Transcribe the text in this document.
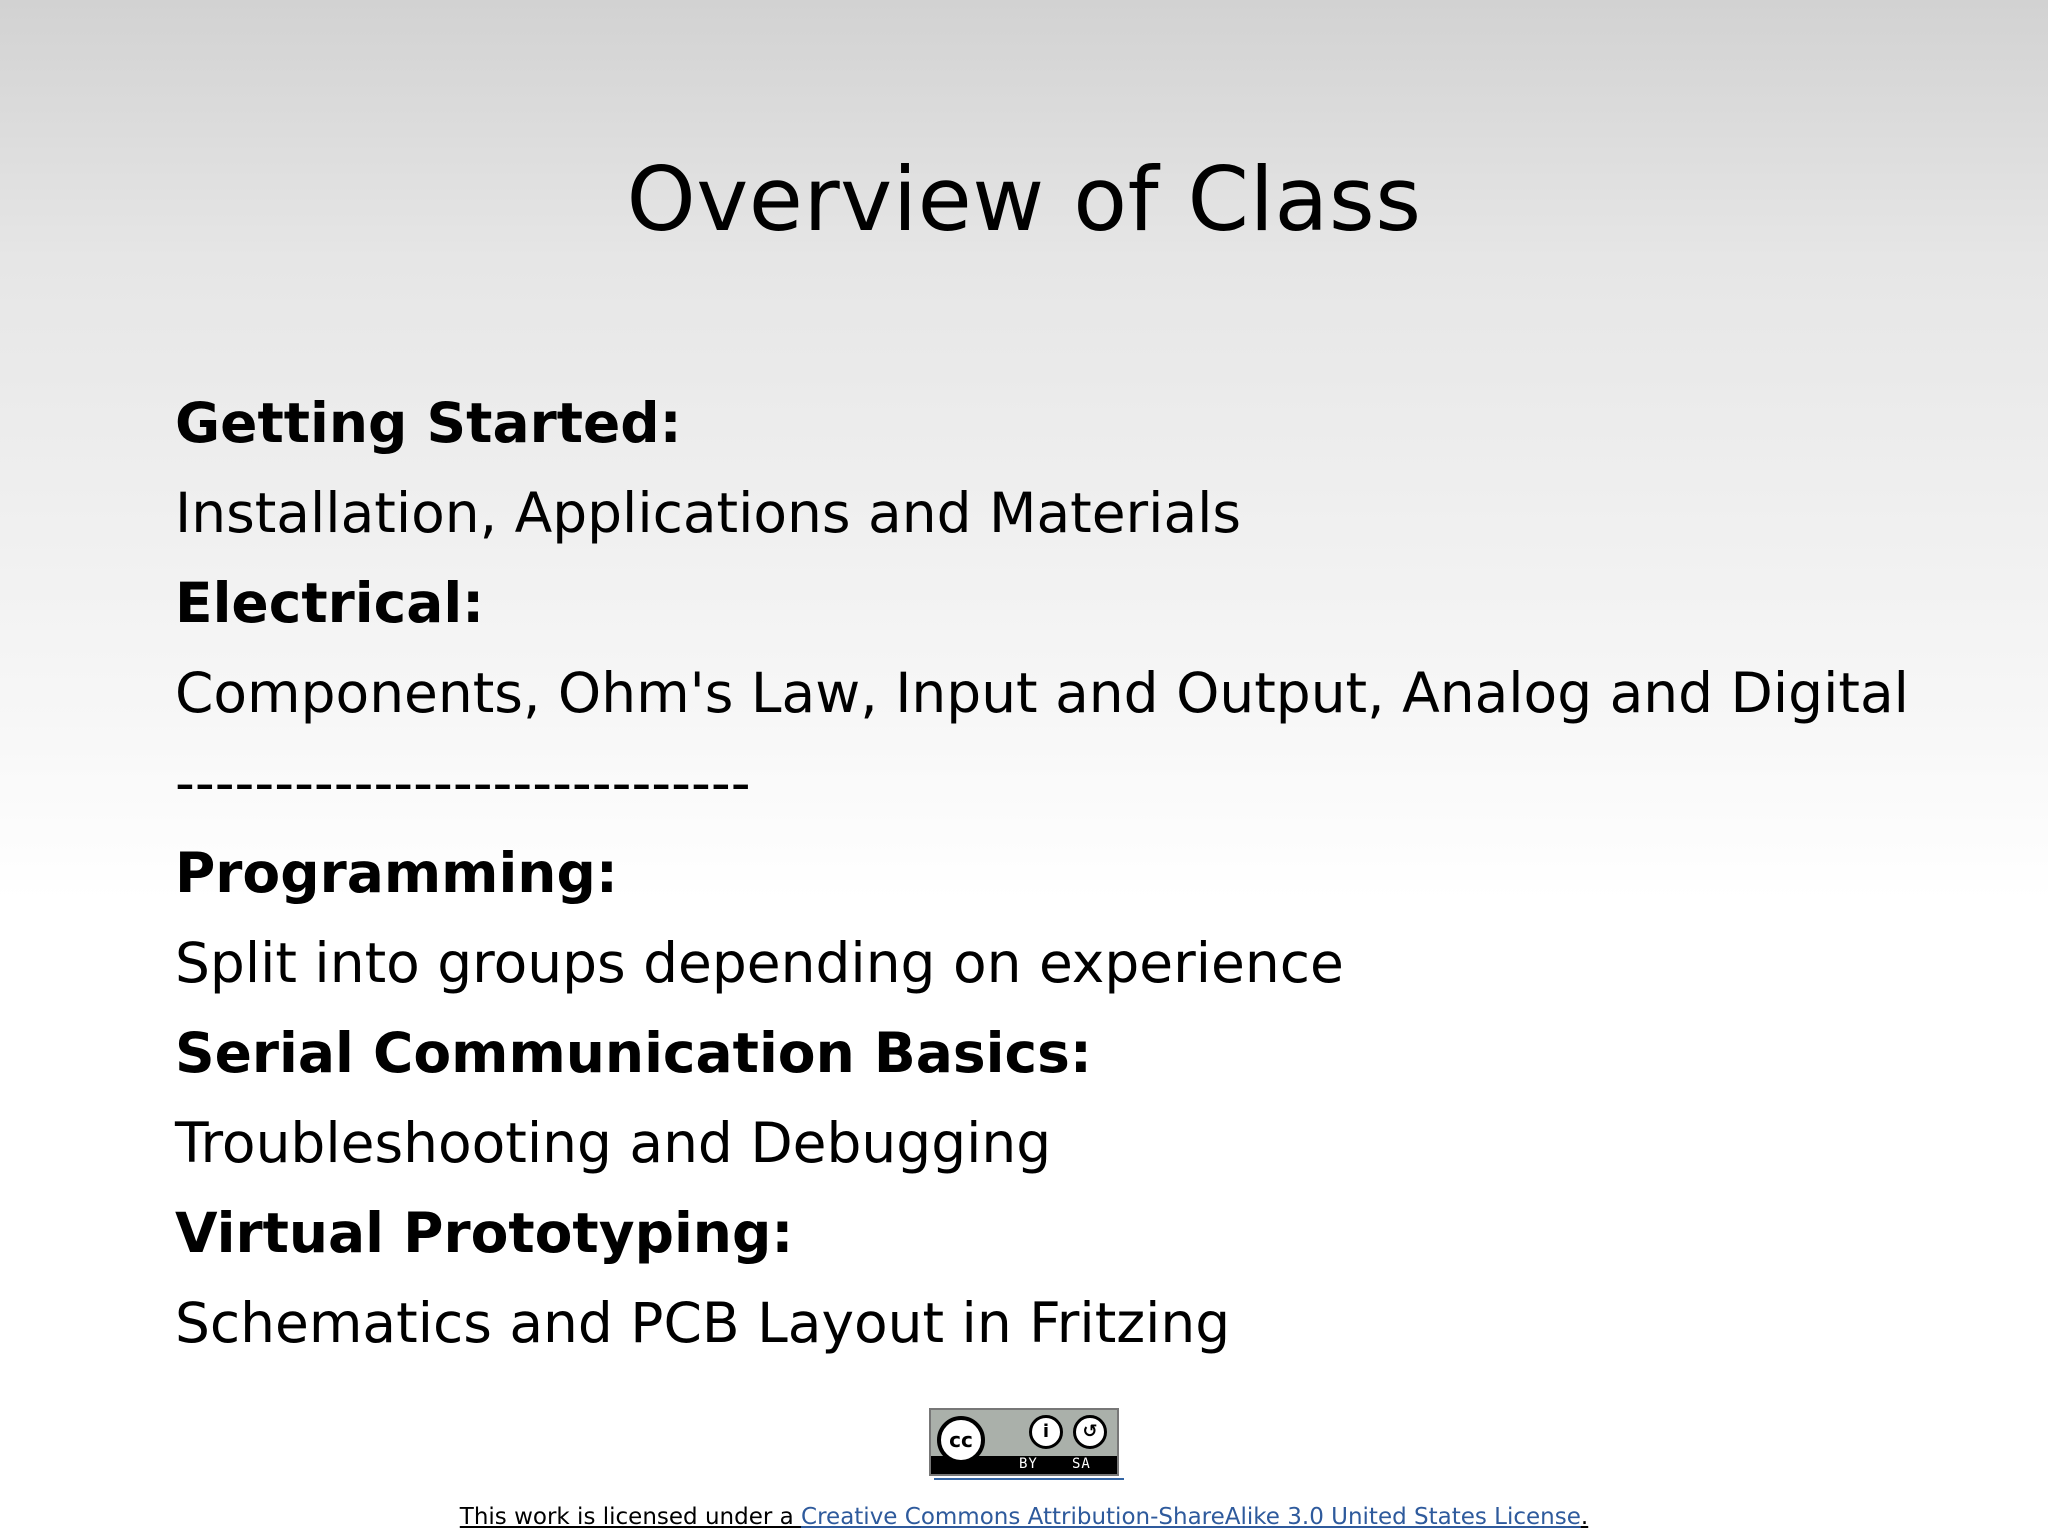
Overview of Class
Getting Started:
Installation, Applications and Materials
Electrical:
Components, Ohm's Law, Input and Output, Analog and Digital
-----------------------------
Programming:
Split into groups depending on experience
Serial Communication Basics:
Troubleshooting and Debugging
Virtual Prototyping:
Schematics and PCB Layout in Fritzing
cc	i	↺
BY SA
This work is licensed under a Creative Commons Attribution-ShareAlike 3.0 United States License.
